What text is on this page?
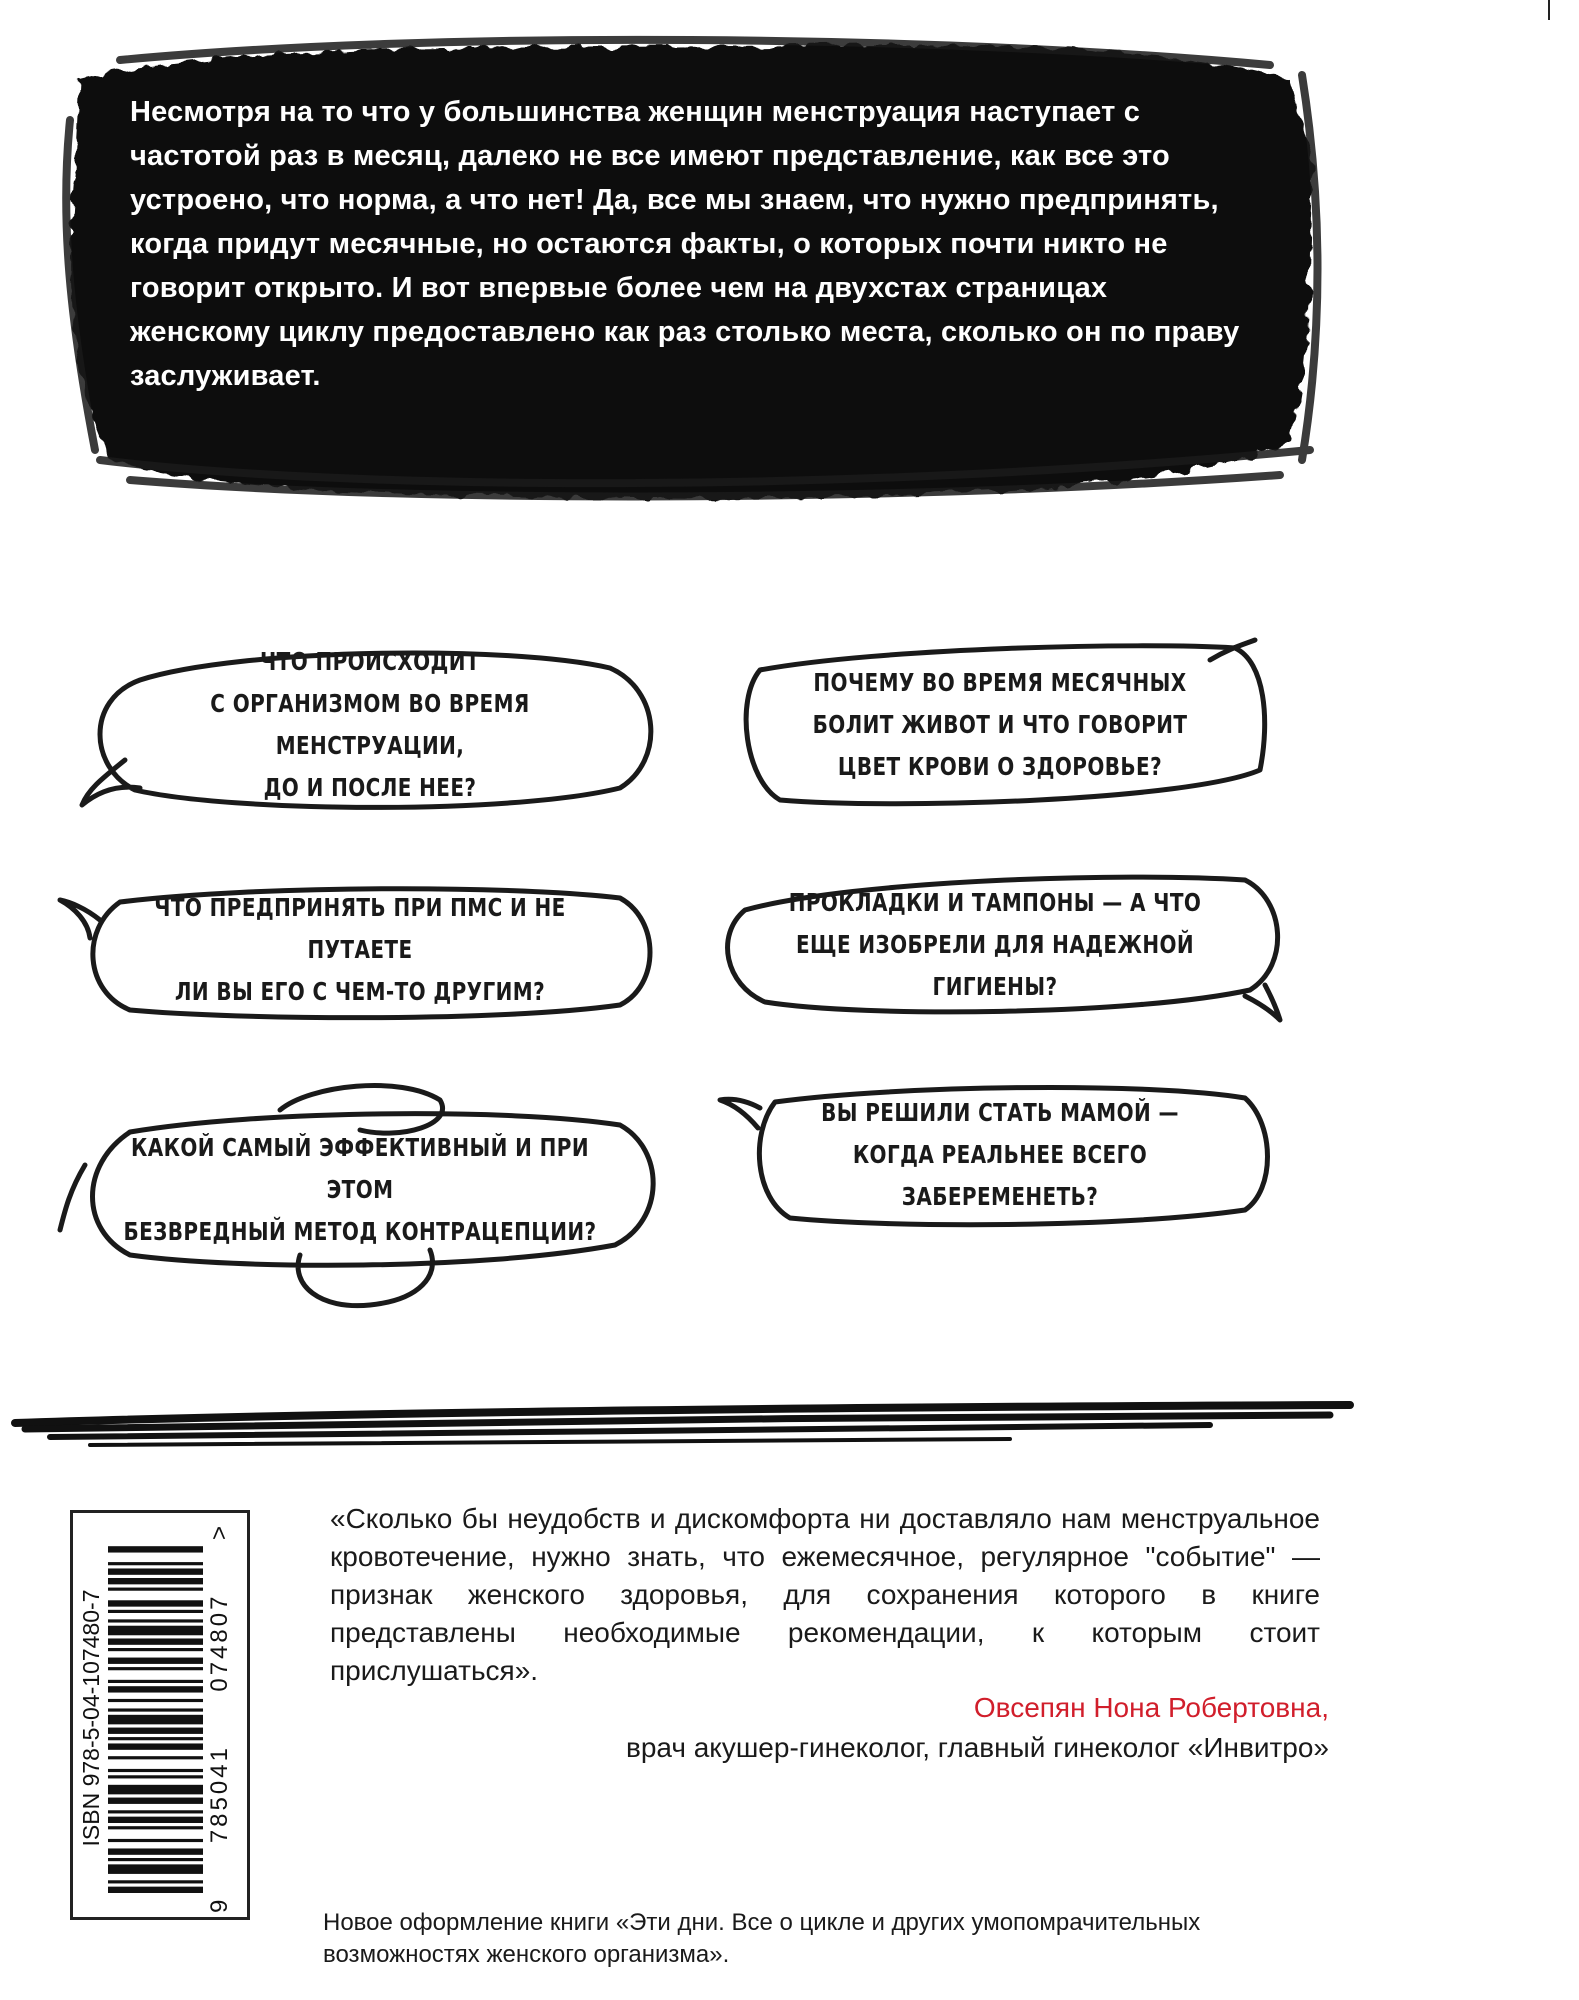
Несмотря на то что у большинства женщин менструация наступает с частотой раз в месяц, далеко не все имеют представление, как все это устроено, что норма, а что нет! Да, все мы знаем, что нужно предпринять, когда придут месячные, но остаются факты, о которых почти никто не говорит открыто. И вот впервые более чем на двухстах страницах женскому циклу предоставлено как раз столько места, сколько он по праву заслуживает.

ЧТО ПРОИСХОДИТ
С ОРГАНИЗМОМ ВО ВРЕМЯ МЕНСТРУАЦИИ,
ДО И ПОСЛЕ НЕЕ?

ПОЧЕМУ ВО ВРЕМЯ МЕСЯЧНЫХ
БОЛИТ ЖИВОТ И ЧТО ГОВОРИТ
ЦВЕТ КРОВИ О ЗДОРОВЬЕ?

ЧТО ПРЕДПРИНЯТЬ ПРИ ПМС И НЕ ПУТАЕТЕ
ЛИ ВЫ ЕГО С ЧЕМ-ТО ДРУГИМ?

ПРОКЛАДКИ И ТАМПОНЫ — А ЧТО
ЕЩЕ ИЗОБРЕЛИ ДЛЯ НАДЕЖНОЙ ГИГИЕНЫ?

КАКОЙ САМЫЙ ЭФФЕКТИВНЫЙ И ПРИ ЭТОМ
БЕЗВРЕДНЫЙ МЕТОД КОНТРАЦЕПЦИИ?

ВЫ РЕШИЛИ СТАТЬ МАМОЙ —
КОГДА РЕАЛЬНЕЕ ВСЕГО ЗАБЕРЕМЕНЕТЬ?

ISBN 978-5-04-107480-7

9
785041
074807
>	«Сколько бы неудобств и дискомфорта ни доставляло нам менструальное кровотечение, нужно знать, что ежемесячное, регулярное "событие" — признак женского здоровья, для сохранения которого в книге представлены необходимые рекомендации, к которым стоит прислушаться».

Овсепян Нона Робертовна,

врач акушер-гинеколог, главный гинеколог «Инвитро»

Новое оформление книги «Эти дни. Все о цикле и других умопомрачительных возможностях женского организма».
